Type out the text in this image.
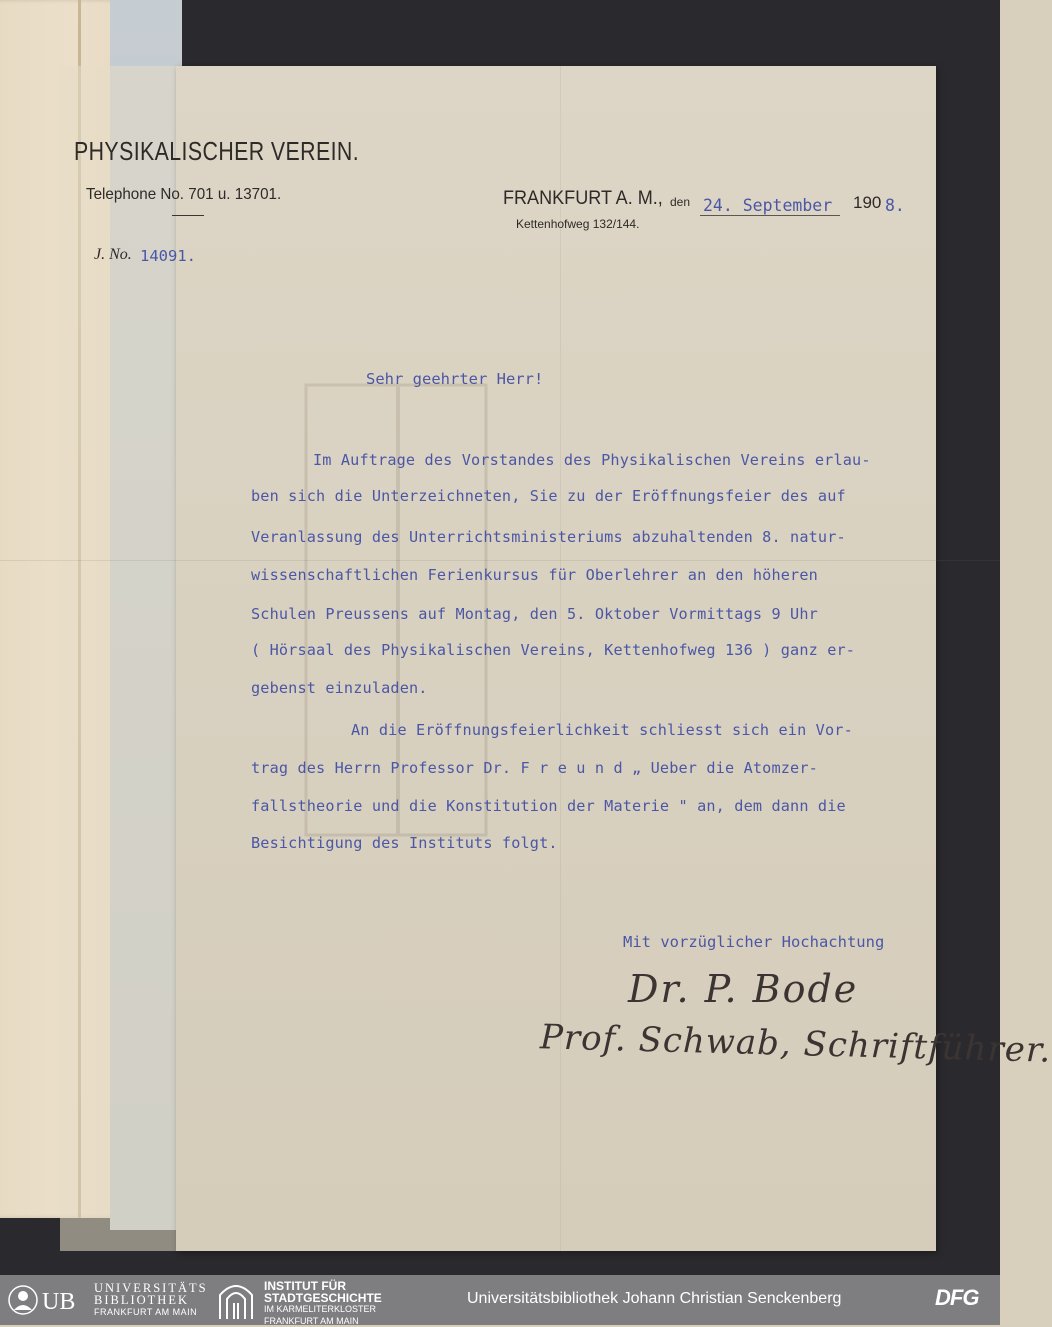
PHYSIKALISCHER VEREIN.
Telephone No. 701 u. 13701.
J. No. 14091.
FRANKFURT A. M., den
Kettenhofweg 132/144.
24. September 190 8.
Sehr geehrter Herr!
Im Auftrage des Vorstandes des Physikalischen Vereins erlau-
ben sich die Unterzeichneten, Sie zu der Eröffnungsfeier des auf
Veranlassung des Unterrichtsministeriums abzuhaltenden 8. natur-
wissenschaftlichen Ferienkursus für Oberlehrer an den höheren
Schulen Preussens auf Montag, den 5. Oktober Vormittags 9 Uhr
( Hörsaal des Physikalischen Vereins, Kettenhofweg 136 ) ganz er-
gebenst einzuladen.
An die Eröffnungsfeierlichkeit schliesst sich ein Vor-
trag des Herrn Professor Dr. F r e u n d „ Ueber die Atomzer-
fallstheorie und die Konstitution der Materie " an, dem dann die
Besichtigung des Instituts folgt.
Mit vorzüglicher Hochachtung
Dr. P. Bode
Prof. Schwab, Schriftführer.
UB
UNIVERSITÄTS
BIBLIOTHEK
FRANKFURT AM MAIN
INSTITUT FÜR
STADTGESCHICHTE
IM KARMELITERKLOSTER
FRANKFURT AM MAIN
Universitätsbibliothek Johann Christian Senckenberg	DFG
